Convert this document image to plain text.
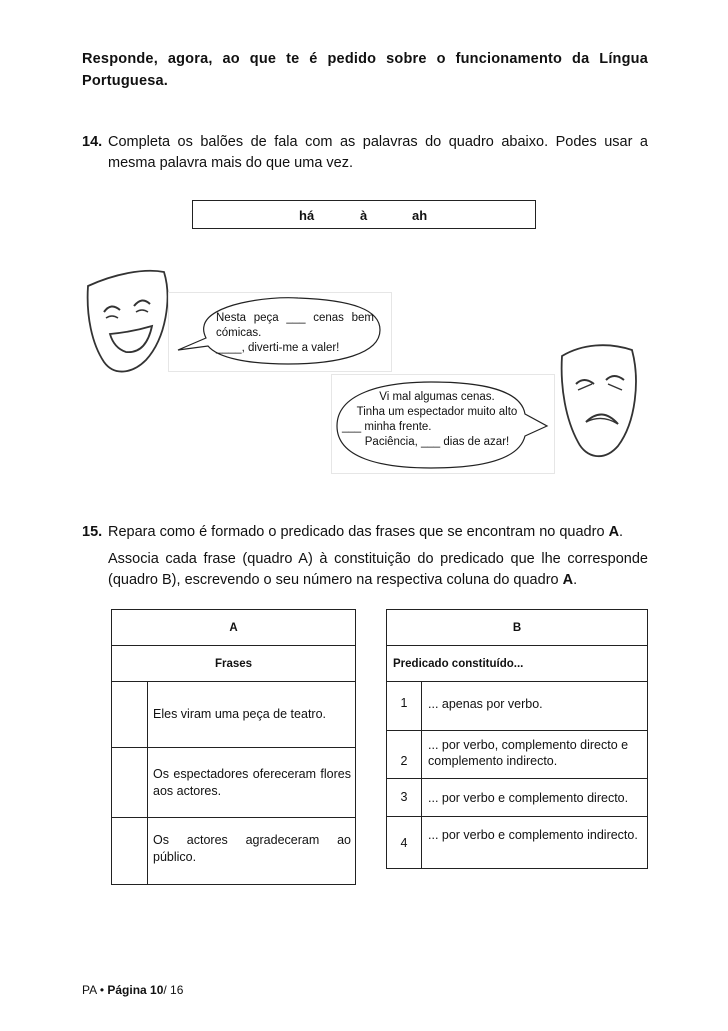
Responde, agora, ao que te é pedido sobre o funcionamento da Língua Portuguesa.
14. Completa os balões de fala com as palavras do quadro abaixo. Podes usar a mesma palavra mais do que uma vez.
há	à	ah
Nesta peça ___ cenas bem
cómicas.
____, diverti-me a valer!
Vi mal algumas cenas.
Tinha um espectador muito alto
___ minha frente.
Paciência, ___ dias de azar!
15. Repara como é formado o predicado das frases que se encontram no quadro A.
Associa cada frase (quadro A) à constituição do predicado que lhe corresponde (quadro B), escrevendo o seu número na respectiva coluna do quadro A.
A	
Frases	
	Eles viram uma peça de teatro.
	Os espectadores ofereceram flores aos actores.
	Os actores agradeceram ao público.
B	
Predicado constituído...	
1	... apenas por verbo.
2	... por verbo, complemento directo e complemento indirecto.
3	... por verbo e complemento directo.
4	... por verbo e complemento indirecto.
PA • Página 10/ 16
